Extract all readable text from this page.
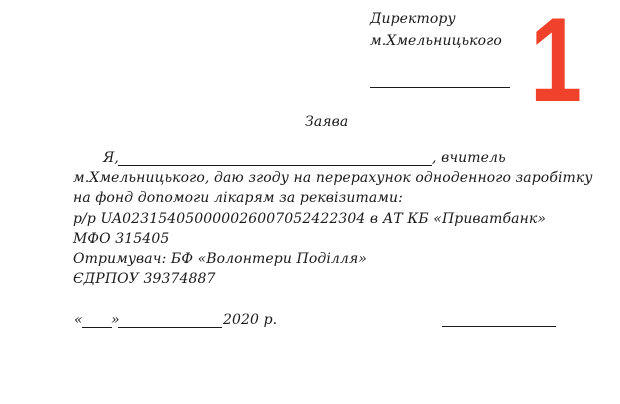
Директору
м.Хмельницького 1
Заява
Я,	, вчитель
м.Хмельницького, даю згоду на перерахунок одноденного заробітку
на фонд допомоги лікарям за реквізитами:
р/р UA023154050000026007052422304 в АТ КБ «Приватбанк»
МФО 315405
Отримувач: БФ «Волонтери Поділля»
ЄДРПОУ 39374887
« »	2020 р.
